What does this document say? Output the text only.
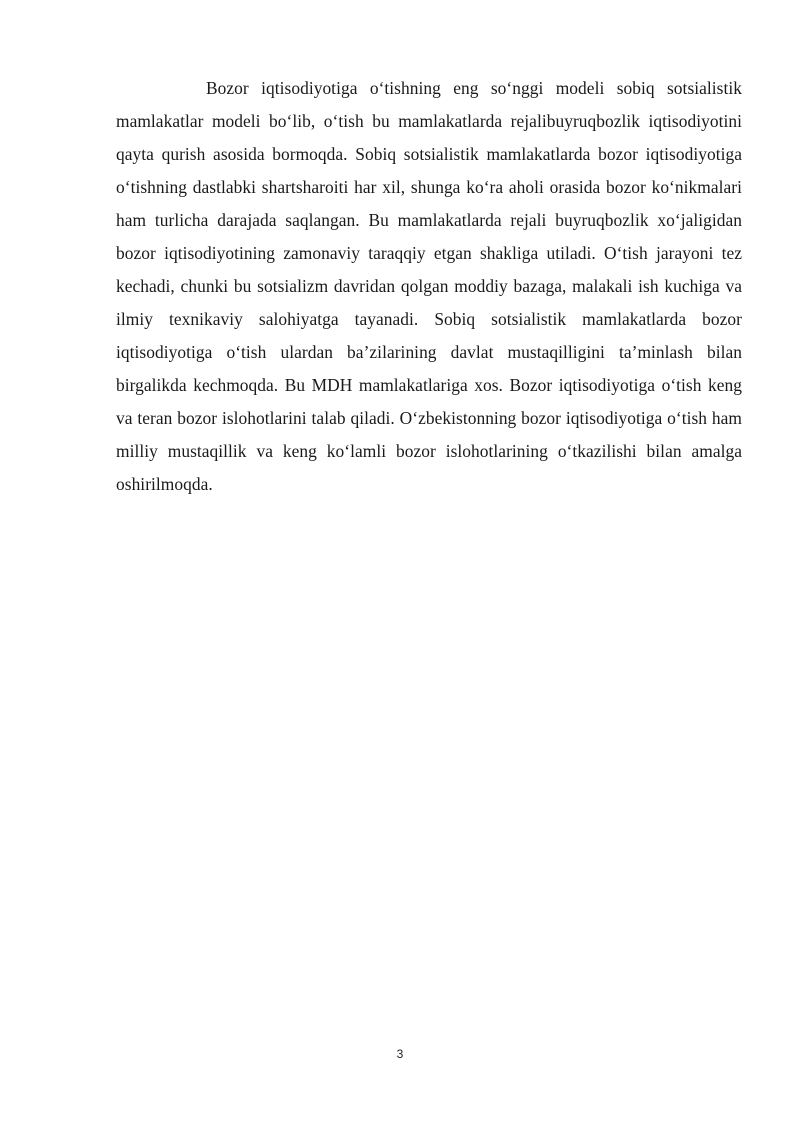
Bozor iqtisodiyotiga oʻtishning eng soʻnggi modeli sobiq sotsialistik mamlakatlar modeli boʻlib, oʻtish bu mamlakatlarda rejalibuyruqbozlik iqtisodiyotini qayta qurish asosida bormoqda. Sobiq sotsialistik mamlakatlarda bozor iqtisodiyotiga oʻtishning dastlabki shartsharoiti har xil, shunga koʻra aholi orasida bozor koʻnikmalari ham turlicha darajada saqlangan. Bu mamlakatlarda rejali buyruqbozlik xoʻjaligidan bozor iqtisodiyotining zamonaviy taraqqiy etgan shakliga utiladi. Oʻtish jarayoni tez kechadi, chunki bu sotsializm davridan qolgan moddiy bazaga, malakali ish kuchiga va ilmiy texnikaviy salohiyatga tayanadi. Sobiq sotsialistik mamlakatlarda bozor iqtisodiyotiga oʻtish ulardan baʼzilarining davlat mustaqilligini taʼminlash bilan birgalikda kechmoqda. Bu MDH mamlakatlariga xos. Bozor iqtisodiyotiga oʻtish keng va teran bozor islohotlarini talab qiladi. Oʻzbekistonning bozor iqtisodiyotiga oʻtish ham milliy mustaqillik va keng koʻlamli bozor islohotlarining oʻtkazilishi bilan amalga oshirilmoqda.

3
